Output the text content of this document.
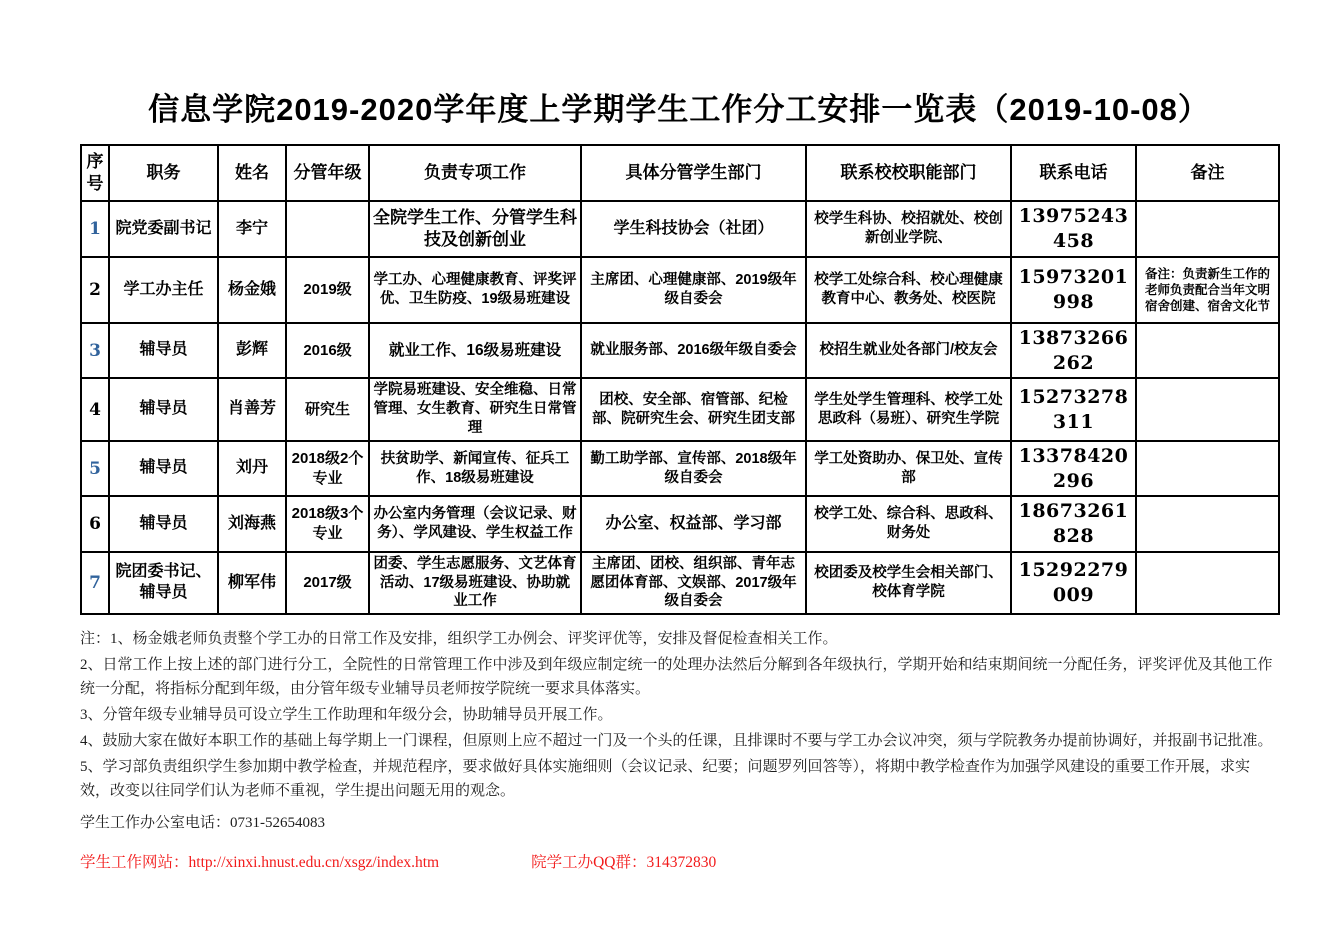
信息学院2019-2020学年度上学期学生工作分工安排一览表（2019-10-08）
序号	职务	姓名	分管年级	负责专项工作	具体分管学生部门	联系校校职能部门	联系电话	备注
1	院党委副书记	李宁		全院学生工作、分管学生科技及创新创业	学生科技协会（社团）	校学生科协、校招就处、校创新创业学院、	13975243458	
2	学工办主任	杨金娥	2019级	学工办、心理健康教育、评奖评优、卫生防疫、19级易班建设	主席团、心理健康部、2019级年级自委会	校学工处综合科、校心理健康教育中心、教务处、校医院	15973201998	备注：负责新生工作的老师负责配合当年文明宿舍创建、宿舍文化节
3	辅导员	彭辉	2016级	就业工作、16级易班建设	就业服务部、2016级年级自委会	校招生就业处各部门/校友会	13873266262	
4	辅导员	肖善芳	研究生	学院易班建设、安全维稳、日常管理、女生教育、研究生日常管理	团校、安全部、宿管部、纪检部、院研究生会、研究生团支部	学生处学生管理科、校学工处思政科（易班）、研究生学院	15273278311	
5	辅导员	刘丹	2018级2个专业	扶贫助学、新闻宣传、征兵工作、18级易班建设	勤工助学部、宣传部、2018级年级自委会	学工处资助办、保卫处、宣传部	13378420296	
6	辅导员	刘海燕	2018级3个专业	办公室内务管理（会议记录、财务）、学风建设、学生权益工作	办公室、权益部、学习部	校学工处、综合科、思政科、财务处	18673261828	
7	院团委书记、辅导员	柳军伟	2017级	团委、学生志愿服务、文艺体育活动、17级易班建设、协助就业工作	主席团、团校、组织部、青年志愿团体育部、文娱部、2017级年级自委会	校团委及校学生会相关部门、校体育学院	15292279009	

注：1、杨金娥老师负责整个学工办的日常工作及安排，组织学工办例会、评奖评优等，安排及督促检查相关工作。

2、日常工作上按上述的部门进行分工，全院性的日常管理工作中涉及到年级应制定统一的处理办法然后分解到各年级执行，学期开始和结束期间统一分配任务，评奖评优及其他工作统一分配，将指标分配到年级，由分管年级专业辅导员老师按学院统一要求具体落实。

3、分管年级专业辅导员可设立学生工作助理和年级分会，协助辅导员开展工作。

4、鼓励大家在做好本职工作的基础上每学期上一门课程，但原则上应不超过一门及一个头的任课，且排课时不要与学工办会议冲突，须与学院教务办提前协调好，并报副书记批准。

5、学习部负责组织学生参加期中教学检查，并规范程序，要求做好具体实施细则（会议记录、纪要；问题罗列回答等），将期中教学检查作为加强学风建设的重要工作开展，求实效，改变以往同学们认为老师不重视，学生提出问题无用的观念。

学生工作办公室电话：0731-52654083
学生工作网站：http://xinxi.hnust.edu.cn/xsgz/index.htm	院学工办QQ群：314372830
